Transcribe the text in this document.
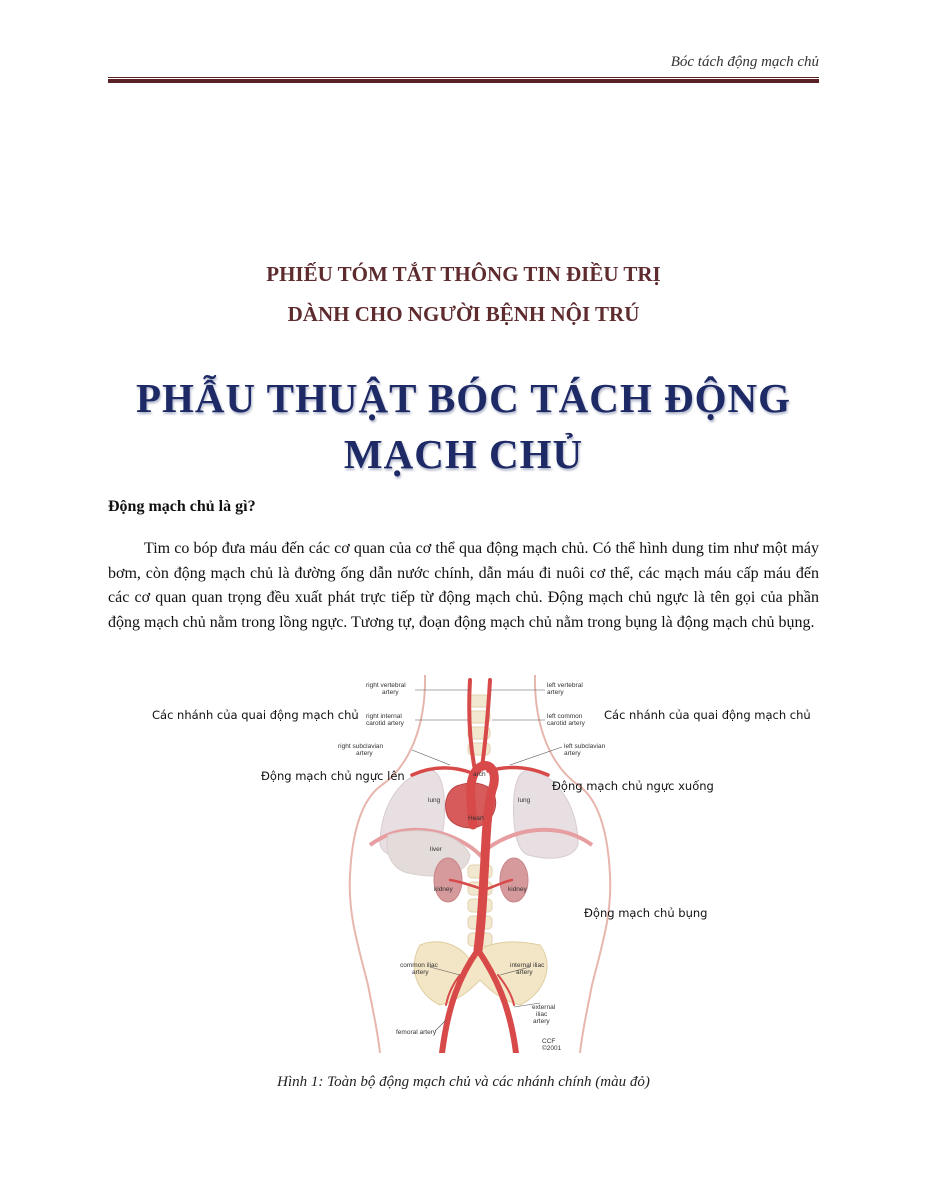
Bóc tách động mạch chủ
PHIẾU TÓM TẮT THÔNG TIN ĐIỀU TRỊ
DÀNH CHO NGƯỜI BỆNH NỘI TRÚ
PHẪU THUẬT BÓC TÁCH ĐỘNG
MẠCH CHỦ
Động mạch chủ là gì?
Tim co bóp đưa máu đến các cơ quan của cơ thể qua động mạch chủ. Có thể hình dung tim như một máy bơm, còn động mạch chủ là đường ống dẫn nước chính, dẫn máu đi nuôi cơ thể, các mạch máu cấp máu đến các cơ quan quan trọng đều xuất phát trực tiếp từ động mạch chủ. Động mạch chủ ngực là tên gọi của phần động mạch chủ nằm trong lồng ngực. Tương tự, đoạn động mạch chủ nằm trong bụng là động mạch chủ bụng.
right vertebral
artery
right internal
carotid artery
right subclavian
artery
left vertebral
artery
left common
carotid artery
left subclavian
artery
arch
lung	lung
Heart
liver
kidney	kidney
common iliac
artery
internal iliac
artery
external
iliac
artery
femoral artery
CCF
©2001
Các nhánh của quai động mạch chủ	Các nhánh của quai động mạch chủ
Động mạch chủ ngực lên
Động mạch chủ ngực xuống
Động mạch chủ bụng
Hình 1: Toàn bộ động mạch chủ và các nhánh chính (màu đỏ)
